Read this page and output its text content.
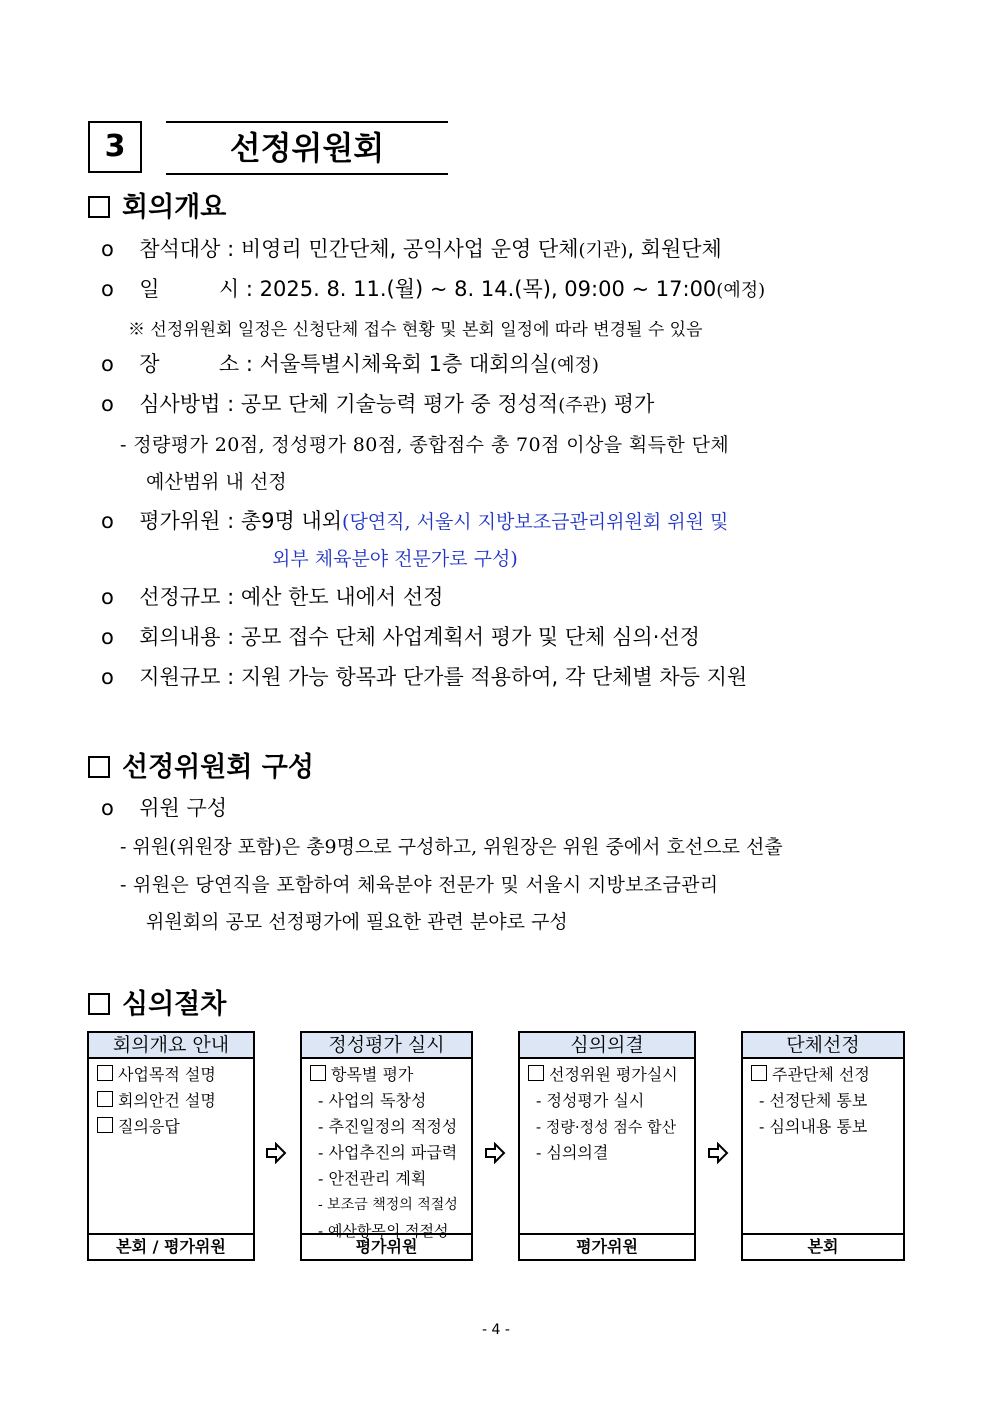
3	선정위원회
회의개요
o 참석대상 : 비영리 민간단체, 공익사업 운영 단체(기관), 회원단체
o 일	시 : 2025. 8. 11.(월) ~ 8. 14.(목), 09:00 ~ 17:00(예정)
※ 선정위원회 일정은 신청단체 접수 현황 및 본회 일정에 따라 변경될 수 있음
o 장	소 : 서울특별시체육회 1층 대회의실(예정)
o 심사방법 : 공모 단체 기술능력 평가 중 정성적(주관) 평가
- 정량평가 20점, 정성평가 80점, 종합점수 총 70점 이상을 획득한 단체
예산범위 내 선정
o 평가위원 : 총9명 내외(당연직, 서울시 지방보조금관리위원회 위원 및
외부 체육분야 전문가로 구성)
o 선정규모 : 예산 한도 내에서 선정
o 회의내용 : 공모 접수 단체 사업계획서 평가 및 단체 심의·선정
o 지원규모 : 지원 가능 항목과 단가를 적용하여, 각 단체별 차등 지원
선정위원회 구성
o 위원 구성
- 위원(위원장 포함)은 총9명으로 구성하고, 위원장은 위원 중에서 호선으로 선출
- 위원은 당연직을 포함하여 체육분야 전문가 및 서울시 지방보조금관리
위원회의 공모 선정평가에 필요한 관련 분야로 구성
심의절차
회의개요 안내
사업목적 설명
회의안건 설명
질의응답
본회 / 평가위원
정성평가 실시
항목별 평가
- 사업의 독창성
- 추진일정의 적정성
- 사업추진의 파급력
- 안전관리 계획
- 보조금 책정의 적절성
- 예산항목의 적절성
평가위원
심의의결
선정위원 평가실시
- 정성평가 실시
- 정량·정성 점수 합산
- 심의의결
평가위원
단체선정
주관단체 선정
- 선정단체 통보
- 심의내용 통보
본회
- 4 -
